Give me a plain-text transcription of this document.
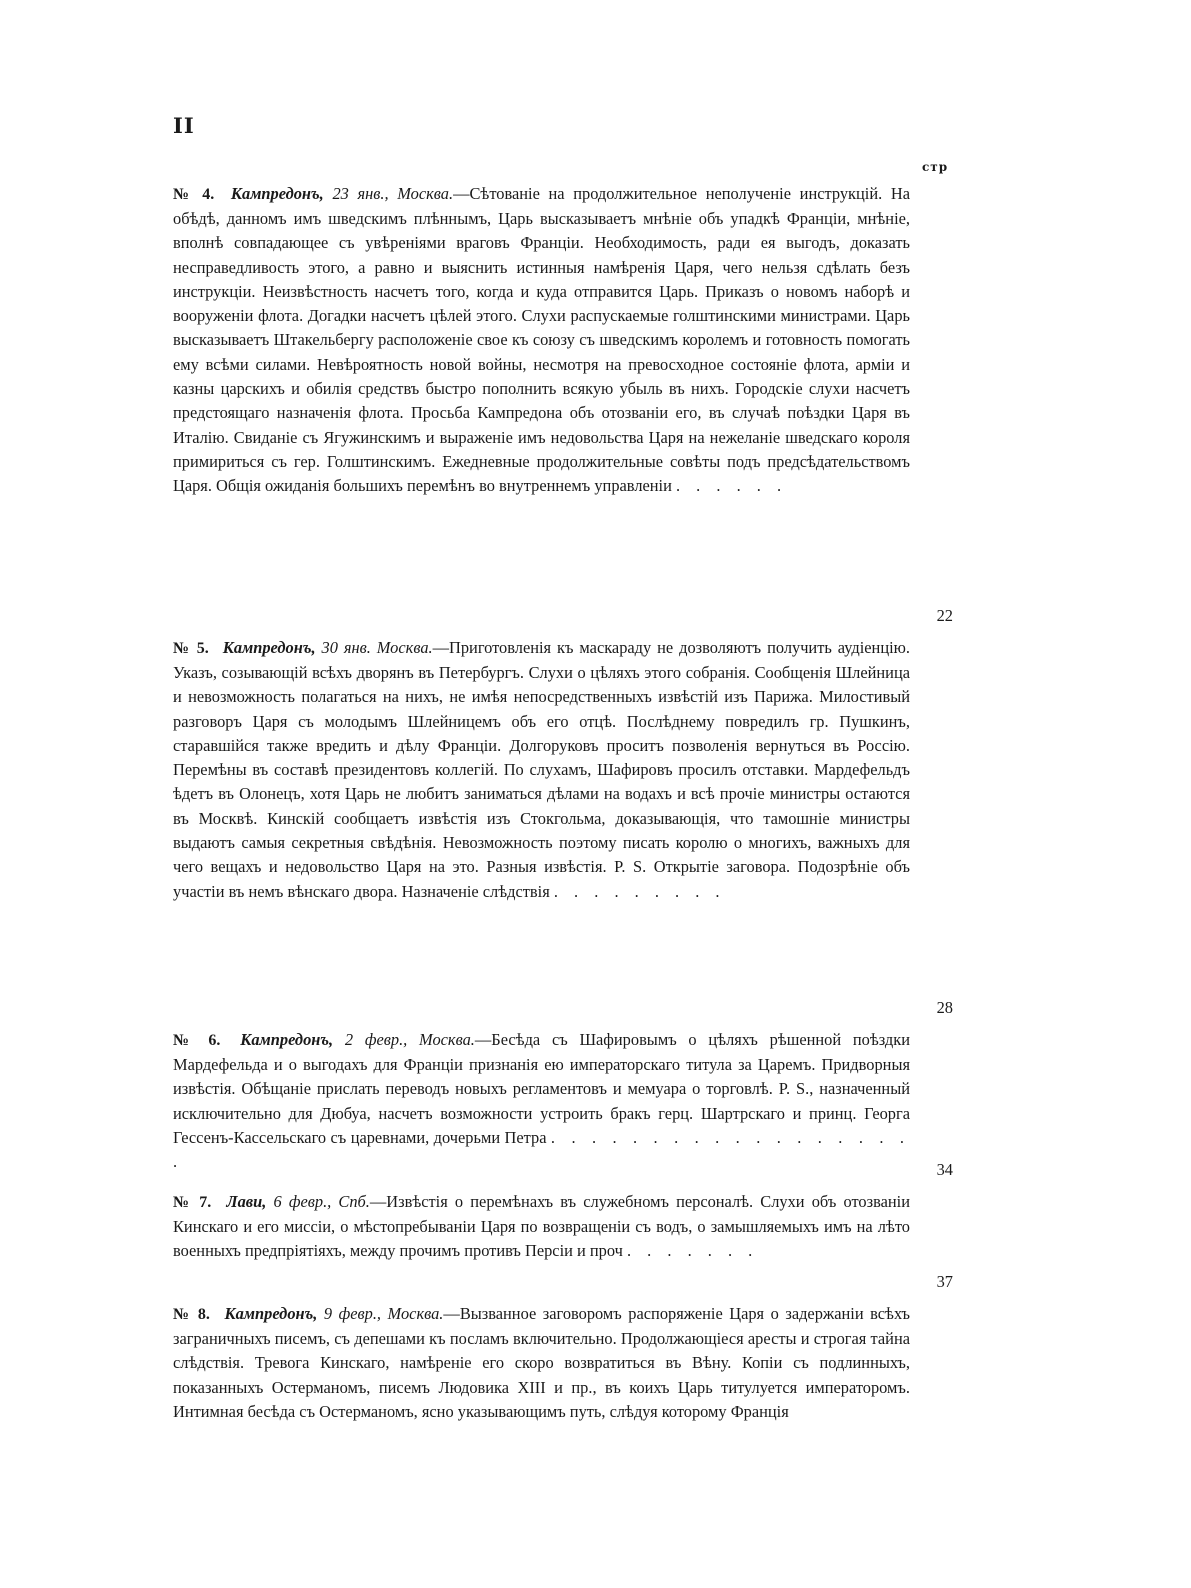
II
стр
№ 4. Кампредонъ, 23 янв., Москва.—Сѣтованіе на продолжительное неполученіе инструкцій. На обѣдѣ, данномъ имъ шведскимъ плѣннымъ, Царь высказываетъ мнѣніе объ упадкѣ Франціи, мнѣніе, вполнѣ совпадающее съ увѣреніями враговъ Франціи. Необходимость, ради ея выгодъ, доказать несправедливость этого, а равно и выяснить истинныя намѣренія Царя, чего нельзя сдѣлать безъ инструкціи. Неизвѣстность насчетъ того, когда и куда отправится Царь. Приказъ о новомъ наборѣ и вооруженіи флота. Догадки насчетъ цѣлей этого. Слухи распускаемые голштинскими министрами. Царь высказываетъ Штакельбергу расположеніе свое къ союзу съ шведскимъ королемъ и готовность помогать ему всѣми силами. Невѣроятность новой войны, несмотря на превосходное состояніе флота, арміи и казны царскихъ и обилія средствъ быстро пополнить всякую убыль въ нихъ. Городскіе слухи насчетъ предстоящаго назначенія флота. Просьба Кампредона объ отозваніи его, въ случаѣ поѣздки Царя въ Италію. Свиданіе съ Ягужинскимъ и выраженіе имъ недовольства Царя на нежеланіе шведскаго короля примириться съ гер. Голштинскимъ. Ежедневные продолжительные совѣты подъ предсѣдательствомъ Царя. Общія ожиданія большихъ перемѣнъ во внутреннемъ управленіи . . . . . .
22
№ 5. Кампредонъ, 30 янв. Москва.—Приготовленія къ маскараду не дозволяютъ получить аудіенцію. Указъ, созывающій всѣхъ дворянъ въ Петербургъ. Слухи о цѣляхъ этого собранія. Сообщенія Шлейница и невозможность полагаться на нихъ, не имѣя непосредственныхъ извѣстій изъ Парижа. Милостивый разговоръ Царя съ молодымъ Шлейницемъ объ его отцѣ. Послѣднему повредилъ гр. Пушкинъ, старавшійся также вредить и дѣлу Франціи. Долгоруковъ проситъ позволенія вернуться въ Россію. Перемѣны въ составѣ президентовъ коллегій. По слухамъ, Шафировъ просилъ отставки. Мардефельдъ ѣдетъ въ Олонецъ, хотя Царь не любитъ заниматься дѣлами на водахъ и всѣ прочіе министры остаются въ Москвѣ. Кинскій сообщаетъ извѣстія изъ Стокгольма, доказывающія, что тамошніе министры выдаютъ самыя секретныя свѣдѣнія. Невозможность поэтому писать королю о многихъ, важныхъ для чего вещахъ и недовольство Царя на это. Разныя извѣстія. P. S. Открытіе заговора. Подозрѣніе объ участіи въ немъ вѣнскаго двора. Назначеніе слѣдствія . . . . . . . . .
28
№ 6. Кампредонъ, 2 февр., Москва.—Бесѣда съ Шафировымъ о цѣляхъ рѣшенной поѣздки Мардефельда и о выгодахъ для Франціи признанія ею императорскаго титула за Царемъ. Придворныя извѣстія. Обѣщаніе прислать переводъ новыхъ регламентовъ и мемуара о торговлѣ. P. S., назначенный исключительно для Дюбуа, насчетъ возможности устроить бракъ герц. Шартрскаго и принц. Георга Гессенъ-Кассельскаго съ царевнами, дочерьми Петра . . . . . . . . . . . . . . . . . . .	34
№ 7. Лави, 6 февр., Спб.—Извѣстія о перемѣнахъ въ служебномъ персоналѣ. Слухи объ отозваніи Кинскаго и его миссіи, о мѣстопребываніи Царя по возвращеніи съ водъ, о замышляемыхъ имъ на лѣто военныхъ предпріятіяхъ, между прочимъ противъ Персіи и проч . . . . . . .
37
№ 8. Кампредонъ, 9 февр., Москва.—Вызванное заговоромъ распоряженіе Царя о задержаніи всѣхъ заграничныхъ писемъ, съ депешами къ посламъ включительно. Продолжающіеся аресты и строгая тайна слѣдствія. Тревога Кинскаго, намѣреніе его скоро возвратиться въ Вѣну. Копіи съ подлинныхъ, показанныхъ Остерманомъ, писемъ Людовика XIII и пр., въ коихъ Царь титулуется императоромъ. Интимная бесѣда съ Остерманомъ, ясно указывающимъ путь, слѣдуя которому Франція
